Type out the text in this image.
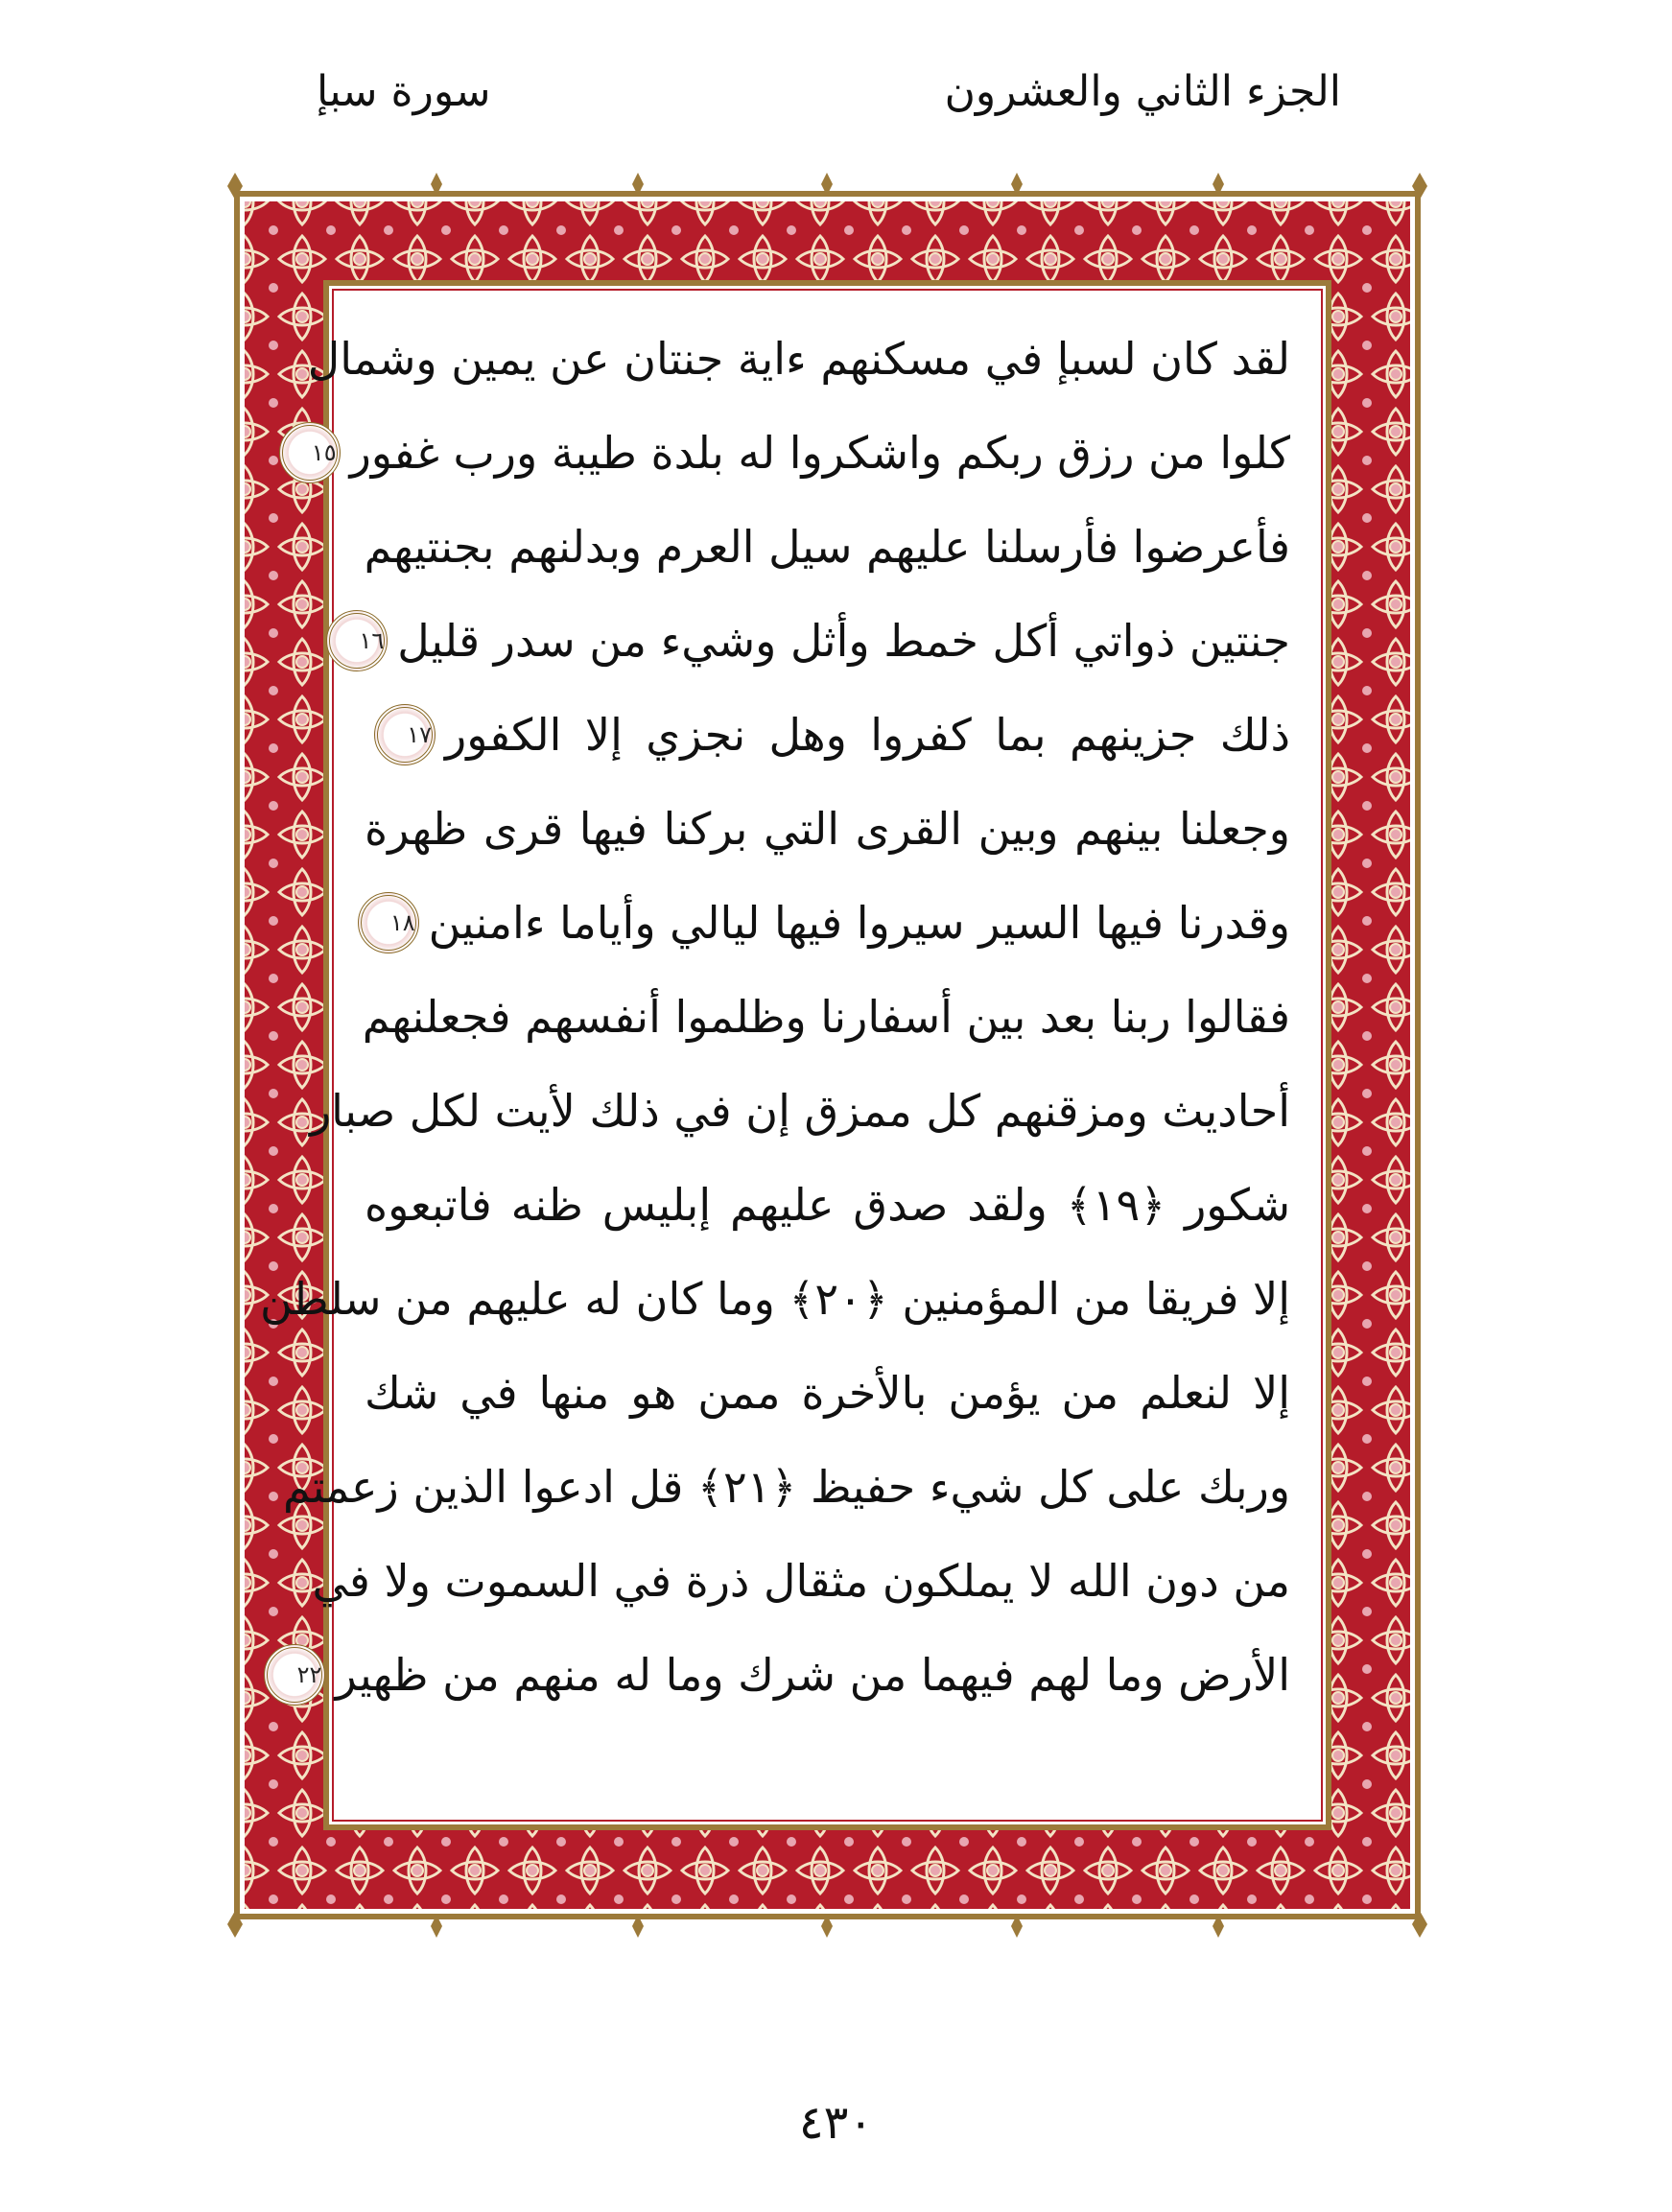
الجزء الثاني والعشرون
سورة سبإ
لقد كان لسبإ في مسكنهم ءاية جنتان عن يمين وشمال
كلوا من رزق ربكم واشكروا له بلدة طيبة ورب غفور
١٥
فأعرضوا فأرسلنا عليهم سيل العرم وبدلنهم بجنتيهم
جنتين ذواتي أكل خمط وأثل وشيء من سدر قليل
١٦
ذلك جزينهم بما كفروا وهل نجزي إلا الكفور
١٧
وجعلنا بينهم وبين القرى التي بركنا فيها قرى ظهرة
وقدرنا فيها السير سيروا فيها ليالي وأياما ءامنين
١٨
فقالوا ربنا بعد بين أسفارنا وظلموا أنفسهم فجعلنهم
أحاديث ومزقنهم كل ممزق إن في ذلك لأيت لكل صبار
شكور ﴿١٩﴾ ولقد صدق عليهم إبليس ظنه فاتبعوه
إلا فريقا من المؤمنين ﴿٢٠﴾ وما كان له عليهم من سلطن
إلا لنعلم من يؤمن بالأخرة ممن هو منها في شك
وربك على كل شيء حفيظ ﴿٢١﴾ قل ادعوا الذين زعمتم
من دون الله لا يملكون مثقال ذرة في السموت ولا في
الأرض وما لهم فيهما من شرك وما له منهم من ظهير
٢٢
٤٣٠
